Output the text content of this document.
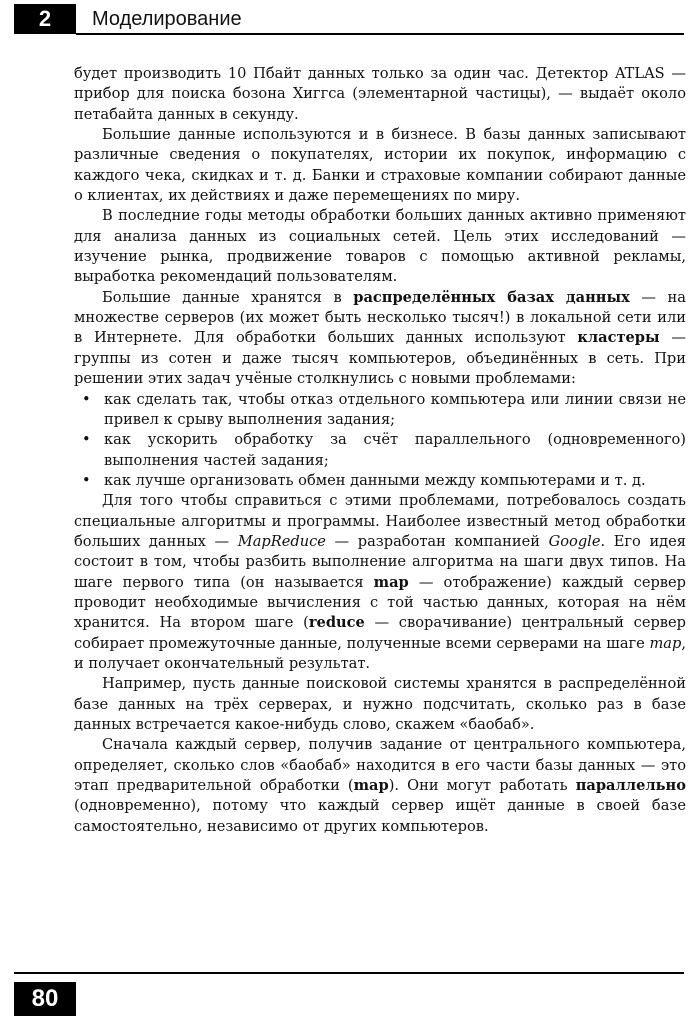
2	Моделирование

будет производить 10 Пбайт данных только за один час. Детектор ATLAS — прибор для поиска бозона Хиггса (элементарной частицы), — выдаёт около петабайта данных в секунду.

Большие данные используются и в бизнесе. В базы данных записывают различные сведения о покупателях, истории их покупок, информацию с каждого чека, скидках и т. д. Банки и страховые компании собирают данные о клиентах, их действиях и даже перемещениях по миру.

В последние годы методы обработки больших данных активно применяют для анализа данных из социальных сетей. Цель этих исследований — изучение рынка, продвижение товаров с помощью активной рекламы, выработка рекомендаций пользователям.

Большие данные хранятся в распределённых базах данных — на множестве серверов (их может быть несколько тысяч!) в локальной сети или в Интернете. Для обработки больших данных используют кластеры — группы из сотен и даже тысяч компьютеров, объединённых в сеть. При решении этих задач учёные столкнулись с новыми проблемами:

• как сделать так, чтобы отказ отдельного компьютера или линии связи не привел к срыву выполнения задания;
• как ускорить обработку за счёт параллельного (одновременного) выполнения частей задания;
• как лучше организовать обмен данными между компьютерами и т. д.

Для того чтобы справиться с этими проблемами, потребовалось создать специальные алгоритмы и программы. Наиболее известный метод обработки больших данных — MapReduce — разработан компанией Google. Его идея состоит в том, чтобы разбить выполнение алгоритма на шаги двух типов. На шаге первого типа (он называется map — отображение) каждый сервер проводит необходимые вычисления с той частью данных, которая на нём хранится. На втором шаге (reduce — сворачивание) центральный сервер собирает промежуточные данные, полученные всеми серверами на шаге map, и получает окончательный результат.

Например, пусть данные поисковой системы хранятся в распределённой базе данных на трёх серверах, и нужно подсчитать, сколько раз в базе данных встречается какое-нибудь слово, скажем «баобаб».

Сначала каждый сервер, получив задание от центрального компьютера, определяет, сколько слов «баобаб» находится в его части базы данных — это этап предварительной обработки (map). Они могут работать параллельно (одновременно), потому что каждый сервер ищёт данные в своей базе самостоятельно, независимо от других компьютеров.

80
